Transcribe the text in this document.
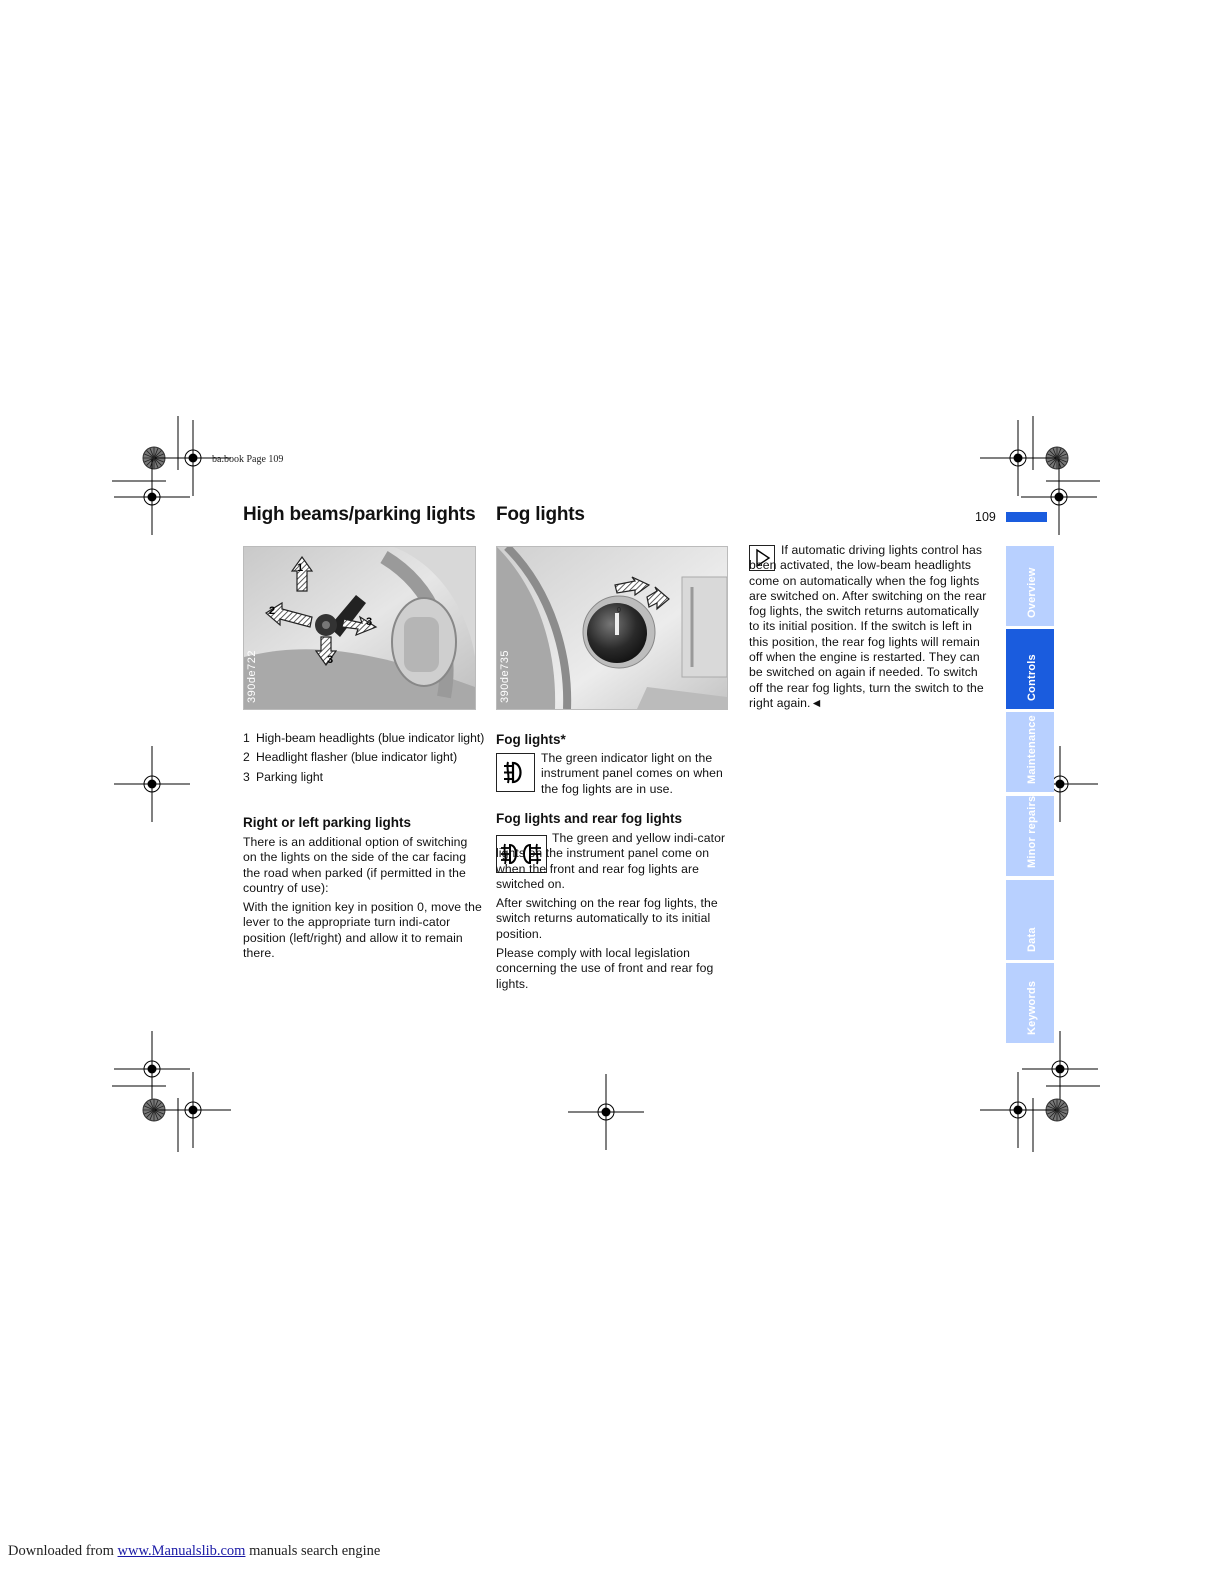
ba.book Page 109
High beams/parking lights Fog lights	109
1
2
3
3
390de722
0
390de735
1 High-beam headlights (blue indicator light)
2 Headlight flasher (blue indicator light)
3 Parking light
Right or left parking lights

There is an additional option of switching on the lights on the side of the car facing the road when parked (if permitted in the country of use):

With the ignition key in position 0, move the lever to the appropriate turn indi-cator position (left/right) and allow it to remain there.

Fog lights*
The green indicator light on the instrument panel comes on when the fog lights are in use.
Fog lights and rear fog lights

The green and yellow indi-cator lights on the instrument panel come on when the front and rear fog lights are switched on.

After switching on the rear fog lights, the switch returns automatically to its initial position.

Please comply with local legislation concerning the use of front and rear fog lights.

If automatic driving lights control has been activated, the low-beam headlights come on automatically when the fog lights are switched on. After switching on the rear fog lights, the switch returns automatically to its initial position. If the switch is left in this position, the rear fog lights will remain off when the engine is restarted. They can be switched on again if needed. To switch off the rear fog lights, turn the switch to the right again.◄
Overview
Controls
Maintenance
Minor repairs
Data
Keywords
Downloaded from www.Manualslib.com manuals search engine
